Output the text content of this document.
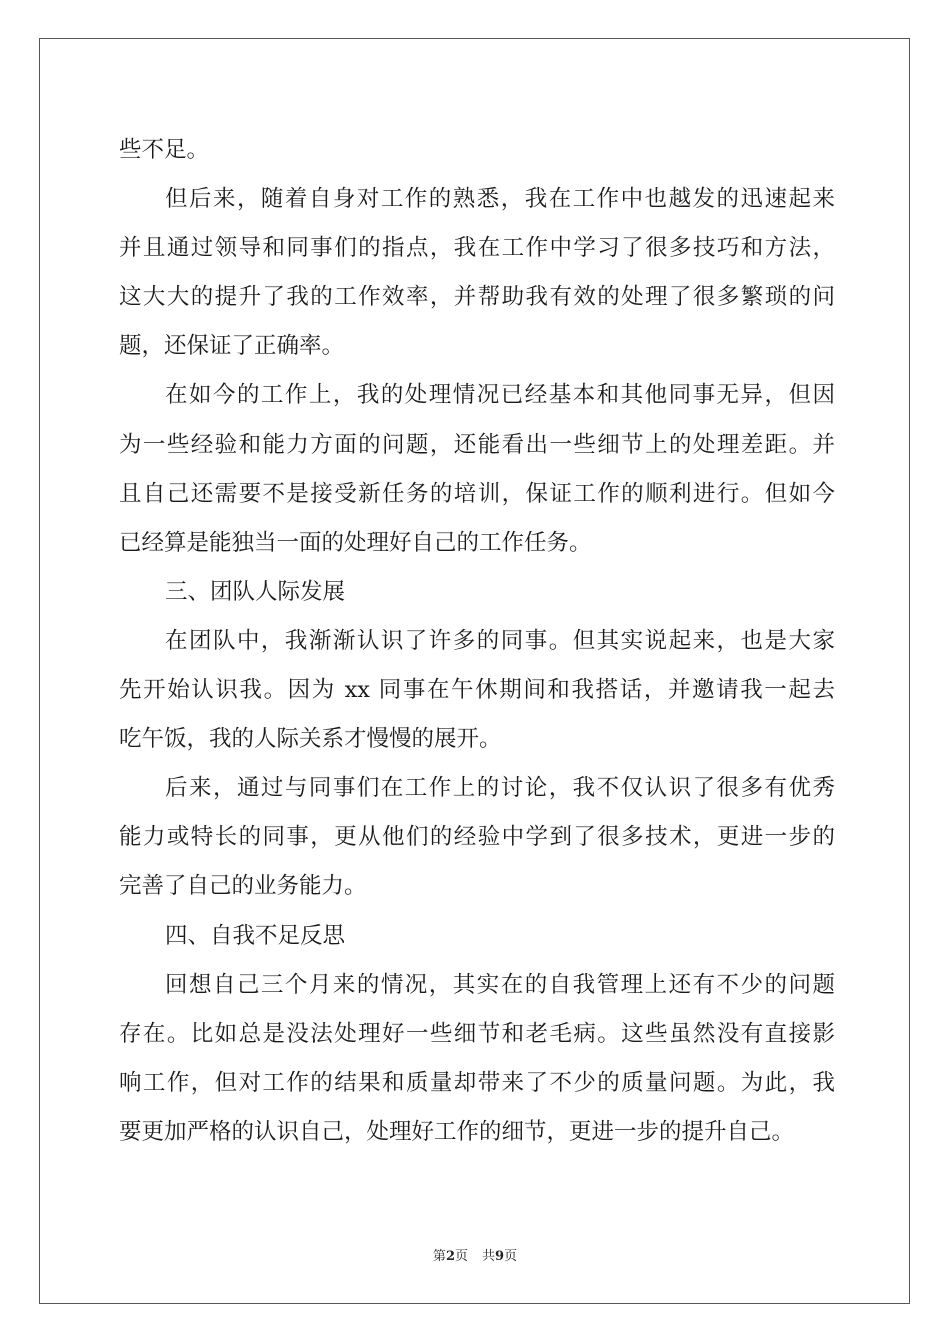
些不足。
但后来，随着自身对工作的熟悉，我在工作中也越发的迅速起来
并且通过领导和同事们的指点，我在工作中学习了很多技巧和方法，
这大大的提升了我的工作效率，并帮助我有效的处理了很多繁琐的问
题，还保证了正确率。
在如今的工作上，我的处理情况已经基本和其他同事无异，但因
为一些经验和能力方面的问题，还能看出一些细节上的处理差距。并
且自己还需要不是接受新任务的培训，保证工作的顺利进行。但如今
已经算是能独当一面的处理好自己的工作任务。
三、团队人际发展
在团队中，我渐渐认识了许多的同事。但其实说起来，也是大家
先开始认识我。因为 xx 同事在午休期间和我搭话，并邀请我一起去
吃午饭，我的人际关系才慢慢的展开。
后来，通过与同事们在工作上的讨论，我不仅认识了很多有优秀
能力或特长的同事，更从他们的经验中学到了很多技术，更进一步的
完善了自己的业务能力。
四、自我不足反思
回想自己三个月来的情况，其实在的自我管理上还有不少的问题
存在。比如总是没法处理好一些细节和老毛病。这些虽然没有直接影
响工作，但对工作的结果和质量却带来了不少的质量问题。为此，我
要更加严格的认识自己，处理好工作的细节，更进一步的提升自己。
第2页 共9页
